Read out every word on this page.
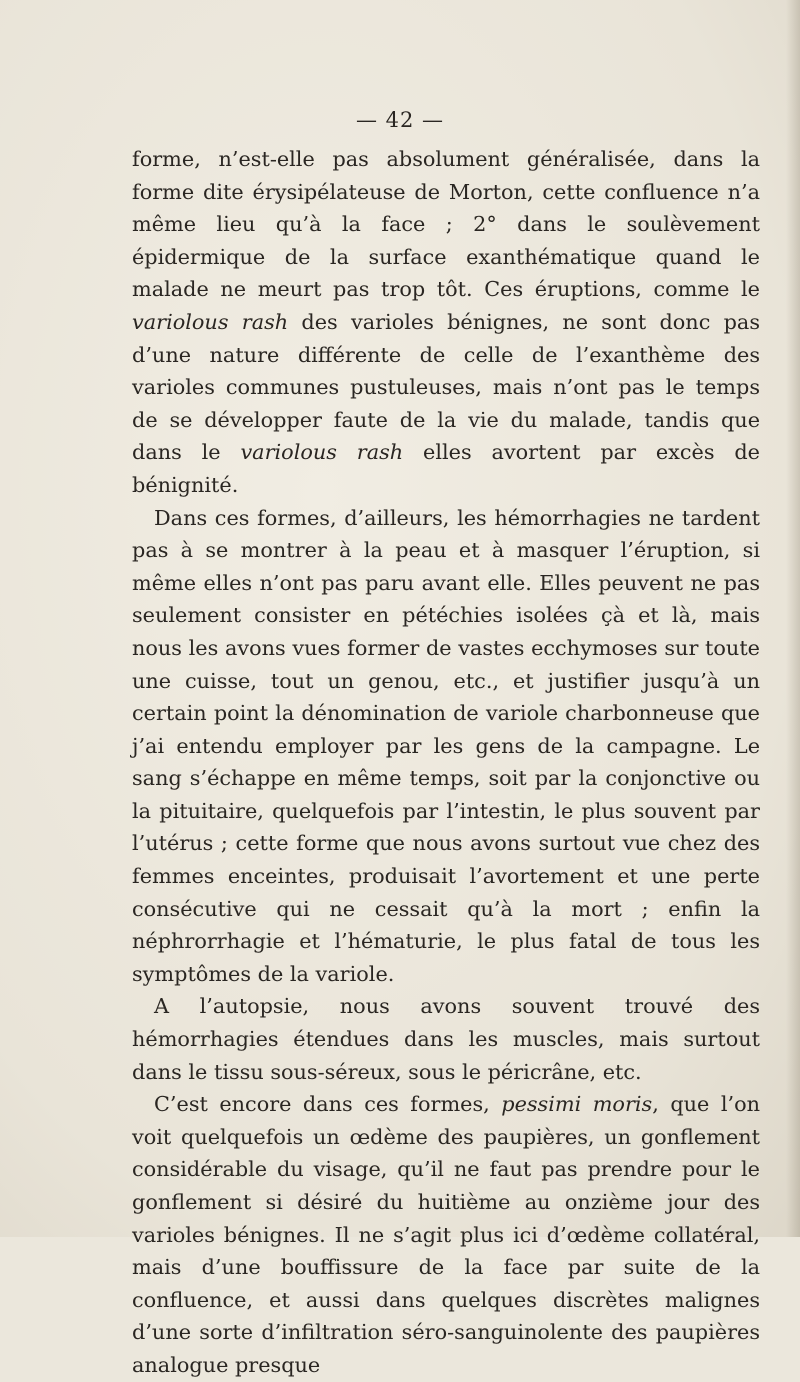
— 42 —

forme, n’est-elle pas absolument généralisée, dans la forme dite érysipélateuse de Morton, cette confluence n’a même lieu qu’à la face ; 2° dans le soulèvement épidermique de la surface exanthématique quand le malade ne meurt pas trop tôt. Ces éruptions, comme le variolous rash des varioles bénignes, ne sont donc pas d’une nature différente de celle de l’exanthème des varioles communes pustuleuses, mais n’ont pas le temps de se développer faute de la vie du malade, tandis que dans le variolous rash elles avortent par excès de bénignité.

Dans ces formes, d’ailleurs, les hémorrhagies ne tardent pas à se montrer à la peau et à masquer l’éruption, si même elles n’ont pas paru avant elle. Elles peuvent ne pas seulement consister en pétéchies isolées çà et là, mais nous les avons vues former de vastes ecchymoses sur toute une cuisse, tout un genou, etc., et justifier jusqu’à un certain point la dénomination de variole charbonneuse que j’ai entendu employer par les gens de la campagne. Le sang s’échappe en même temps, soit par la conjonctive ou la pituitaire, quelquefois par l’intestin, le plus souvent par l’utérus ; cette forme que nous avons surtout vue chez des femmes enceintes, produisait l’avortement et une perte consécutive qui ne cessait qu’à la mort ; enfin la néphrorrhagie et l’hématurie, le plus fatal de tous les symptômes de la variole.

A l’autopsie, nous avons souvent trouvé des hémorrhagies étendues dans les muscles, mais surtout dans le tissu sous-séreux, sous le péricrâne, etc.

C’est encore dans ces formes, pessimi moris, que l’on voit quelquefois un œdème des paupières, un gonflement considérable du visage, qu’il ne faut pas prendre pour le gonflement si désiré du huitième au onzième jour des varioles bénignes. Il ne s’agit plus ici d’œdème collatéral, mais d’une bouffissure de la face par suite de la confluence, et aussi dans quelques discrètes malignes d’une sorte d’infiltration séro-sanguinolente des paupières analogue presque
